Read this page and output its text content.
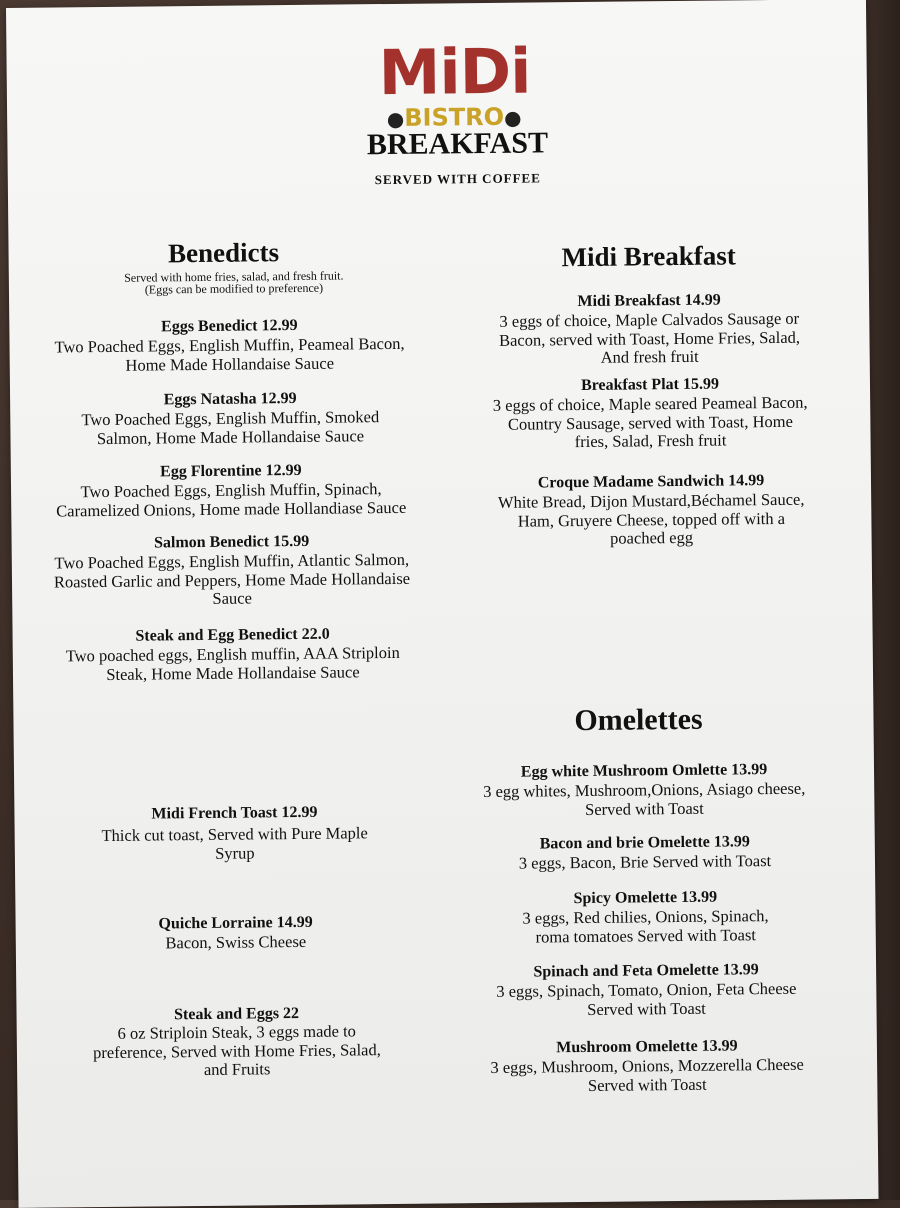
MiDi
●BISTRO●
BREAKFAST
SERVED WITH COFFEE
Benedicts
Served with home fries, salad, and fresh fruit.
(Eggs can be modified to preference)
Eggs Benedict 12.99
Two Poached Eggs, English Muffin, Peameal Bacon,
Home Made Hollandaise Sauce
Eggs Natasha 12.99
Two Poached Eggs, English Muffin, Smoked
Salmon, Home Made Hollandaise Sauce
Egg Florentine 12.99
Two Poached Eggs, English Muffin, Spinach,
Caramelized Onions, Home made Hollandiase Sauce
Salmon Benedict 15.99
Two Poached Eggs, English Muffin, Atlantic Salmon,
Roasted Garlic and Peppers, Home Made Hollandaise
Sauce
Steak and Egg Benedict 22.0
Two poached eggs, English muffin, AAA Striploin
Steak, Home Made Hollandaise Sauce
Midi Breakfast
Midi Breakfast 14.99
3 eggs of choice, Maple Calvados Sausage or
Bacon, served with Toast, Home Fries, Salad,
And fresh fruit
Breakfast Plat 15.99
3 eggs of choice, Maple seared Peameal Bacon,
Country Sausage, served with Toast, Home
fries, Salad, Fresh fruit
Croque Madame Sandwich 14.99
White Bread, Dijon Mustard,Béchamel Sauce,
Ham, Gruyere Cheese, topped off with a
poached egg
Midi French Toast 12.99
Thick cut toast, Served with Pure Maple
Syrup
Quiche Lorraine 14.99
Bacon, Swiss Cheese
Steak and Eggs 22
6 oz Striploin Steak, 3 eggs made to
preference, Served with Home Fries, Salad,
and Fruits
Omelettes
Egg white Mushroom Omlette 13.99
3 egg whites, Mushroom,Onions, Asiago cheese,
Served with Toast
Bacon and brie Omelette 13.99
3 eggs, Bacon, Brie Served with Toast
Spicy Omelette 13.99
3 eggs, Red chilies, Onions, Spinach,
roma tomatoes Served with Toast
Spinach and Feta Omelette 13.99
3 eggs, Spinach, Tomato, Onion, Feta Cheese
Served with Toast
Mushroom Omelette 13.99
3 eggs, Mushroom, Onions, Mozzerella Cheese
Served with Toast
